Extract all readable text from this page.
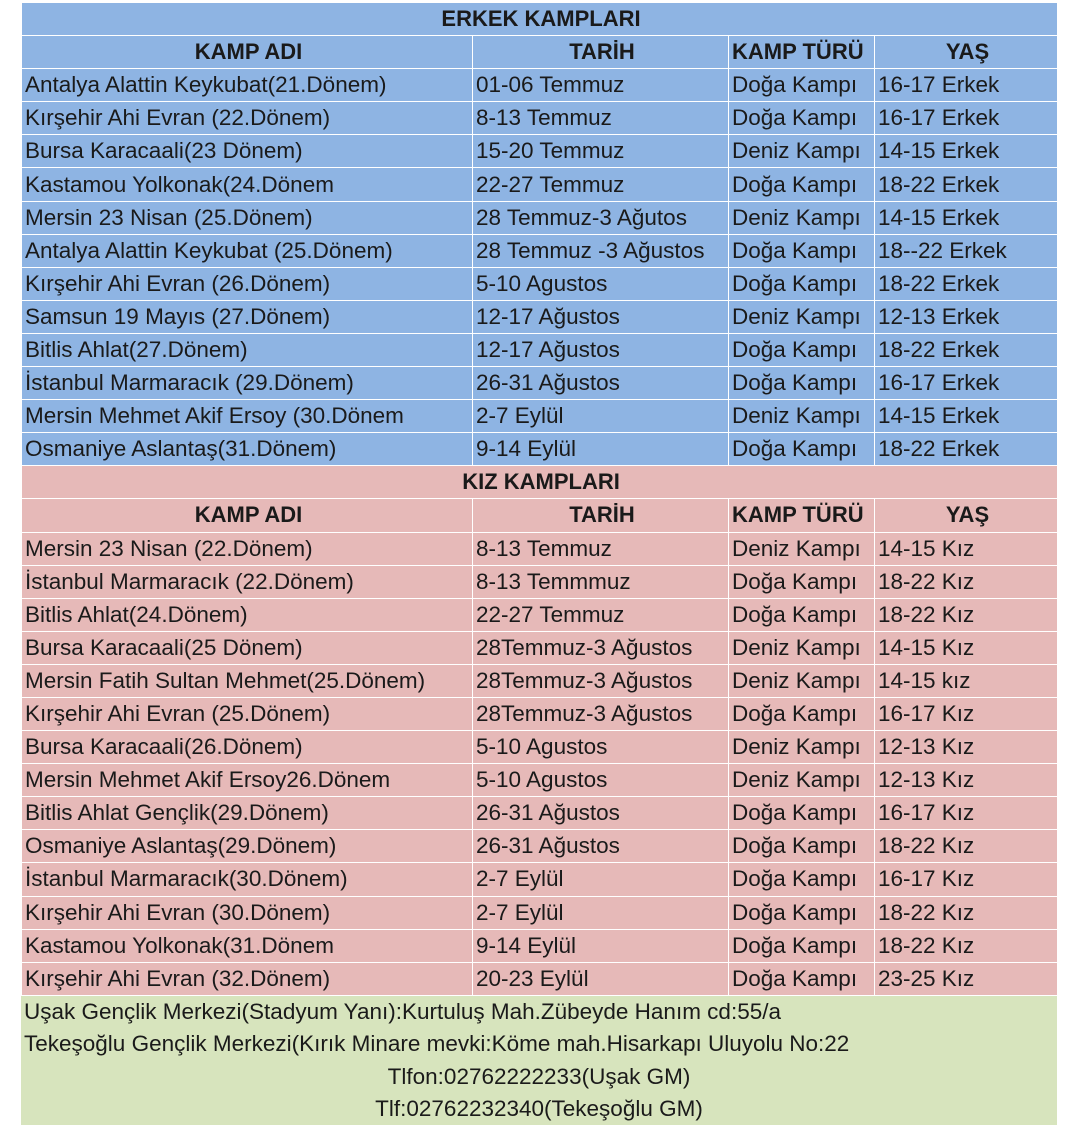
ERKEK KAMPLARI			
KAMP ADI	TARİH	KAMP TÜRÜ	YAŞ
Antalya Alattin Keykubat(21.Dönem)	01-06 Temmuz	Doğa Kampı	16-17 Erkek
Kırşehir Ahi Evran (22.Dönem)	8-13 Temmuz	Doğa Kampı	16-17 Erkek
Bursa Karacaali(23 Dönem)	15-20 Temmuz	Deniz Kampı	14-15 Erkek
Kastamou Yolkonak(24.Dönem	22-27 Temmuz	Doğa Kampı	18-22 Erkek
Mersin 23 Nisan (25.Dönem)	28 Temmuz-3 Ağutos	Deniz Kampı	14-15 Erkek
Antalya Alattin Keykubat (25.Dönem)	28 Temmuz -3 Ağustos	Doğa Kampı	18--22 Erkek
Kırşehir Ahi Evran (26.Dönem)	5-10 Agustos	Doğa Kampı	18-22 Erkek
Samsun 19 Mayıs (27.Dönem)	12-17 Ağustos	Deniz Kampı	12-13 Erkek
Bitlis Ahlat(27.Dönem)	12-17 Ağustos	Doğa Kampı	18-22 Erkek
İstanbul Marmaracık (29.Dönem)	26-31 Ağustos	Doğa Kampı	16-17 Erkek
Mersin Mehmet Akif Ersoy (30.Dönem	2-7 Eylül	Deniz Kampı	14-15 Erkek
Osmaniye Aslantaş(31.Dönem)	9-14 Eylül	Doğa Kampı	18-22 Erkek
KIZ KAMPLARI			
KAMP ADI	TARİH	KAMP TÜRÜ	YAŞ
Mersin 23 Nisan (22.Dönem)	8-13 Temmuz	Deniz Kampı	14-15 Kız
İstanbul Marmaracık (22.Dönem)	8-13 Temmmuz	Doğa Kampı	18-22 Kız
Bitlis Ahlat(24.Dönem)	22-27 Temmuz	Doğa Kampı	18-22 Kız
Bursa Karacaali(25 Dönem)	28Temmuz-3 Ağustos	Deniz Kampı	14-15 Kız
Mersin Fatih Sultan Mehmet(25.Dönem)	28Temmuz-3 Ağustos	Deniz Kampı	14-15 kız
Kırşehir Ahi Evran (25.Dönem)	28Temmuz-3 Ağustos	Doğa Kampı	16-17 Kız
Bursa Karacaali(26.Dönem)	5-10 Agustos	Deniz Kampı	12-13 Kız
Mersin Mehmet Akif Ersoy26.Dönem	5-10 Agustos	Deniz Kampı	12-13 Kız
Bitlis Ahlat Gençlik(29.Dönem)	26-31 Ağustos	Doğa Kampı	16-17 Kız
Osmaniye Aslantaş(29.Dönem)	26-31 Ağustos	Doğa Kampı	18-22 Kız
İstanbul Marmaracık(30.Dönem)	2-7 Eylül	Doğa Kampı	16-17 Kız
Kırşehir Ahi Evran (30.Dönem)	2-7 Eylül	Doğa Kampı	18-22 Kız
Kastamou Yolkonak(31.Dönem	9-14 Eylül	Doğa Kampı	18-22 Kız
Kırşehir Ahi Evran (32.Dönem)	20-23 Eylül	Doğa Kampı	23-25 Kız
Uşak Gençlik Merkezi(Stadyum Yanı):Kurtuluş Mah.Zübeyde Hanım cd:55/a
Tekeşoğlu Gençlik Merkezi(Kırık Minare mevki:Köme mah.Hisarkapı Uluyolu No:22
Tlfon:02762222233(Uşak GM)
Tlf:02762232340(Tekeşoğlu GM)
